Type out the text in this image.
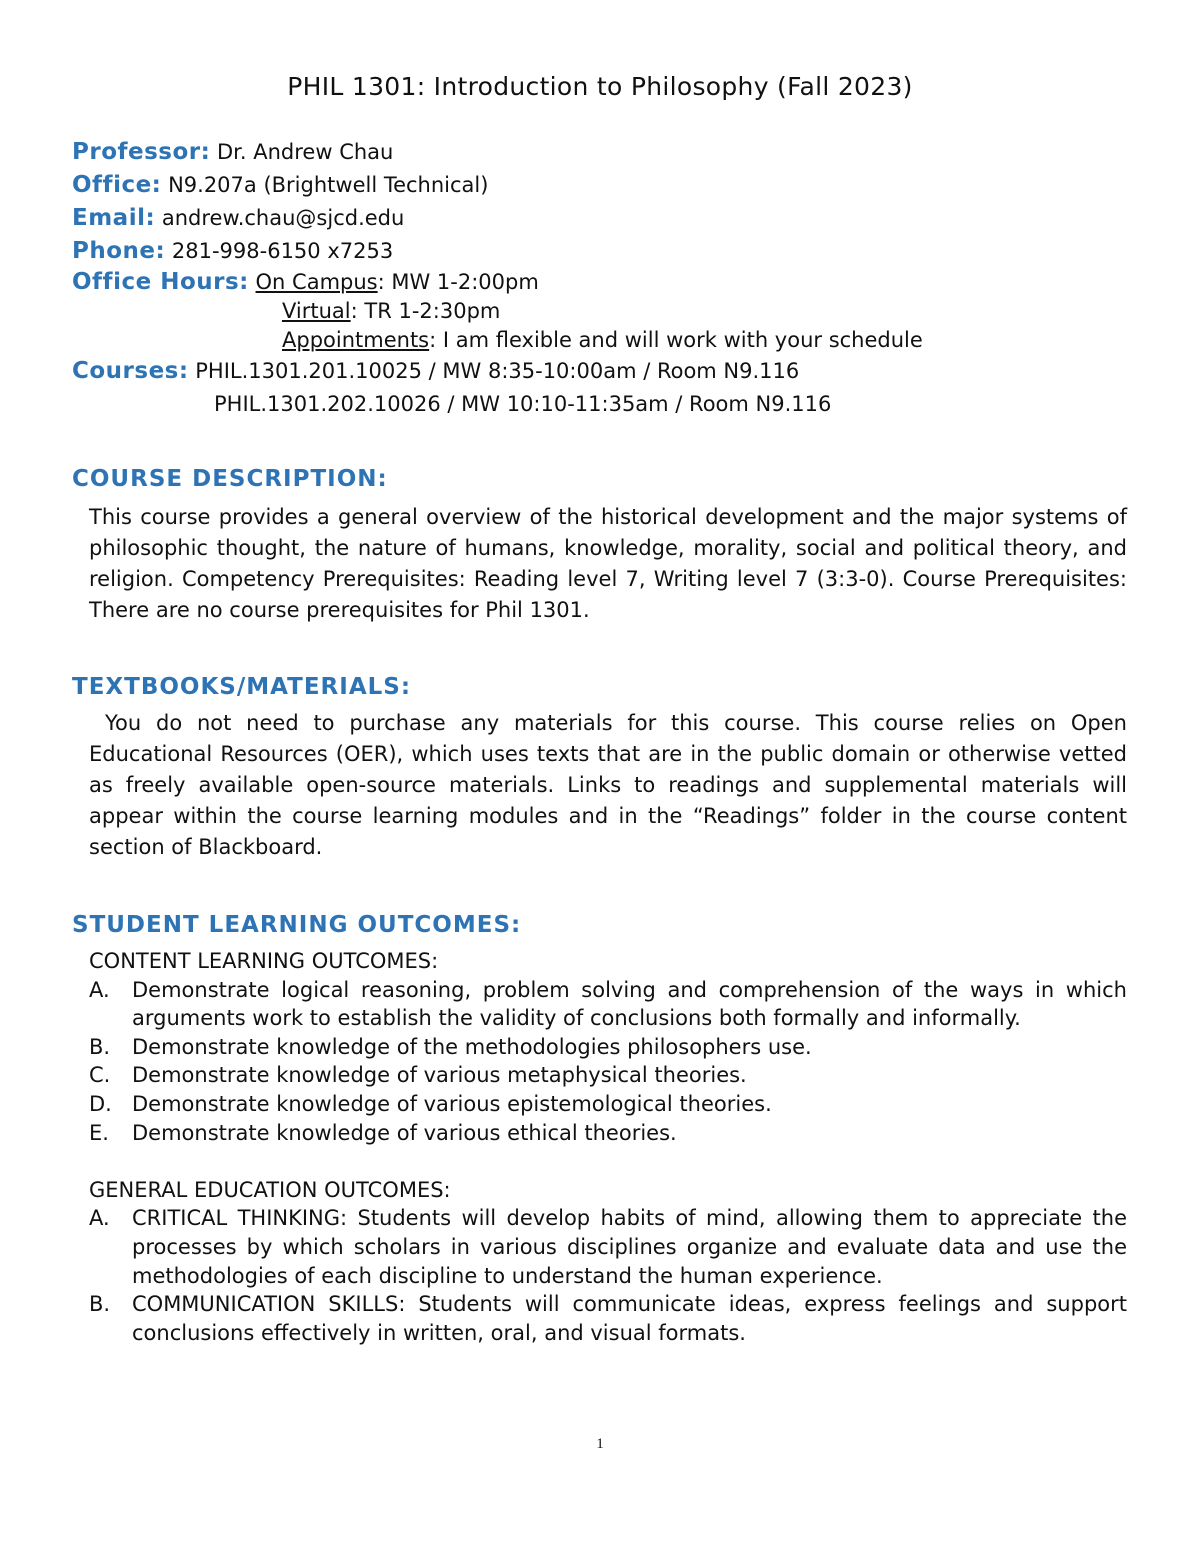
PHIL 1301: Introduction to Philosophy (Fall 2023)
Professor: Dr. Andrew Chau
Office: N9.207a (Brightwell Technical)
Email: andrew.chau@sjcd.edu
Phone: 281-998-6150 x7253
Office Hours: On Campus: MW 1-2:00pm
Virtual: TR 1-2:30pm
Appointments: I am flexible and will work with your schedule
Courses: PHIL.1301.201.10025 / MW 8:35-10:00am / Room N9.116
PHIL.1301.202.10026 / MW 10:10-11:35am / Room N9.116
COURSE DESCRIPTION:
This course provides a general overview of the historical development and the major systems of philosophic thought, the nature of humans, knowledge, morality, social and political theory, and religion. Competency Prerequisites: Reading level 7, Writing level 7 (3:3-0). Course Prerequisites: There are no course prerequisites for Phil 1301.
TEXTBOOKS/MATERIALS:
You do not need to purchase any materials for this course. This course relies on Open Educational Resources (OER), which uses texts that are in the public domain or otherwise vetted as freely available open-source materials. Links to readings and supplemental materials will appear within the course learning modules and in the “Readings” folder in the course content section of Blackboard.
STUDENT LEARNING OUTCOMES:
CONTENT LEARNING OUTCOMES:
A.	Demonstrate logical reasoning, problem solving and comprehension of the ways in which arguments work to establish the validity of conclusions both formally and informally.
B.	Demonstrate knowledge of the methodologies philosophers use.
C.	Demonstrate knowledge of various metaphysical theories.
D. Demonstrate knowledge of various epistemological theories.
E.	Demonstrate knowledge of various ethical theories.
GENERAL EDUCATION OUTCOMES:
A.	CRITICAL THINKING: Students will develop habits of mind, allowing them to appreciate the processes by which scholars in various disciplines organize and evaluate data and use the methodologies of each discipline to understand the human experience.
B.	COMMUNICATION SKILLS: Students will communicate ideas, express feelings and support conclusions effectively in written, oral, and visual formats.
1
